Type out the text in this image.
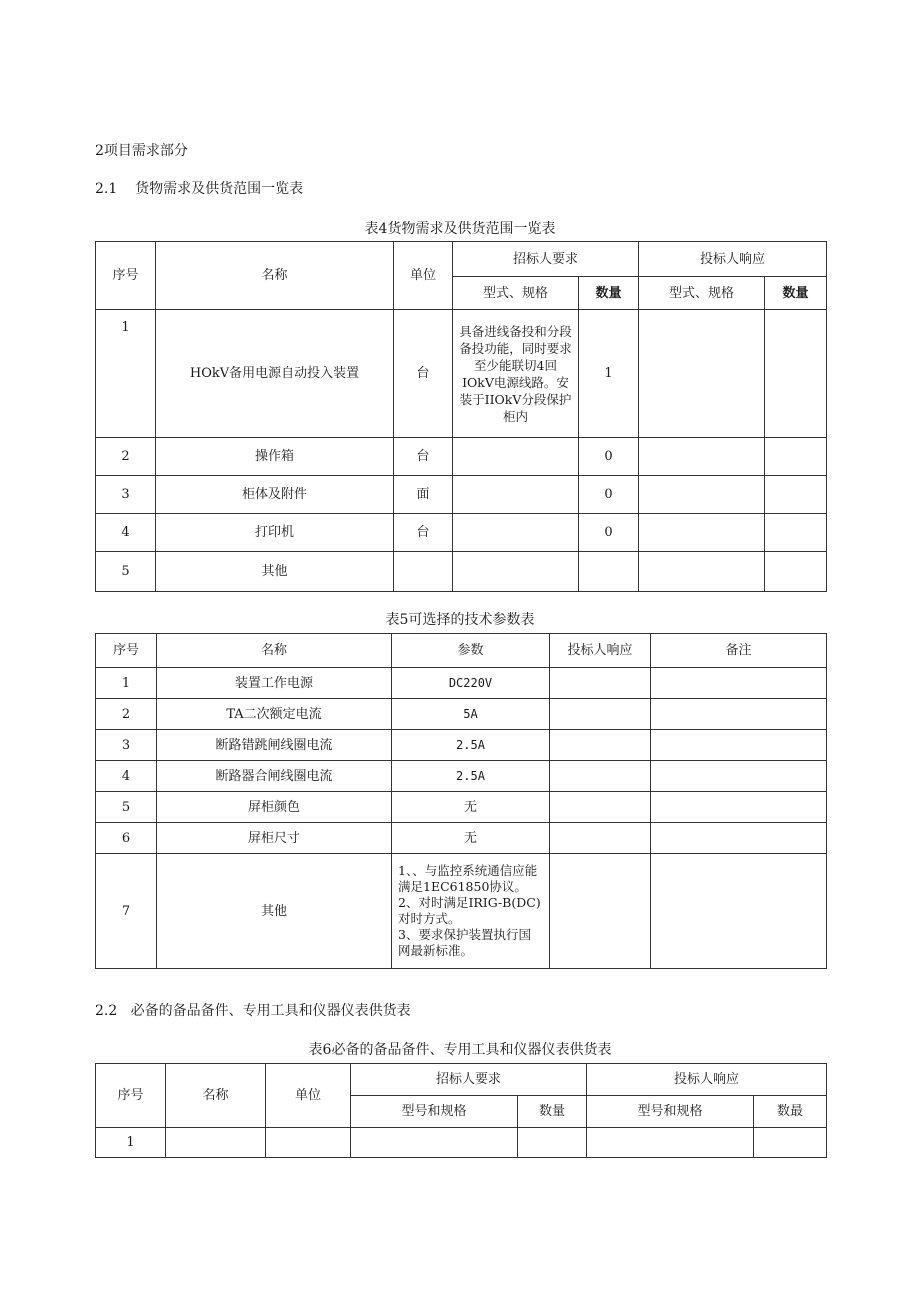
2项目需求部分
2.1 货物需求及供货范围一览表
表4货物需求及供货范围一览表
序号	名称	单位	招标人要求		投标人响应	
			型式、规格	数量	型式、规格	数量
1	HOkV备用电源自动投入装置	台	具备进线备投和分段备投功能，同时要求至少能联切4回IOkV电源线路。安装于IIOkV分段保护柜内	1		
2	操作箱	台		0		
3	柜体及附件	面		0		
4	打印机	台		0		
5	其他					
表5可选择的技术参数表
序号	名称	参数	投标人响应	备注
1	装置工作电源	DC220V		
2	TA二次额定电流	5A		
3	断路错跳闸线圈电流	2.5A		
4	断路器合闸线圈电流	2.5A		
5	屏柜颜色	无		
6	屏柜尺寸	无		
7	其他	1、、与监控系统通信应能满足1EC61850协议。
2、对时满足IRIG-B(DC)对时方式。
3、要求保护装置执行国网最新标准。		

2.2 必备的备品备件、专用工具和仪器仪表供货表
表6必备的备品备件、专用工具和仪器仪表供货表
序号	名称	单位	招标人要求		投标人响应	
			型号和规格	数量	型号和规格	数最
1						
